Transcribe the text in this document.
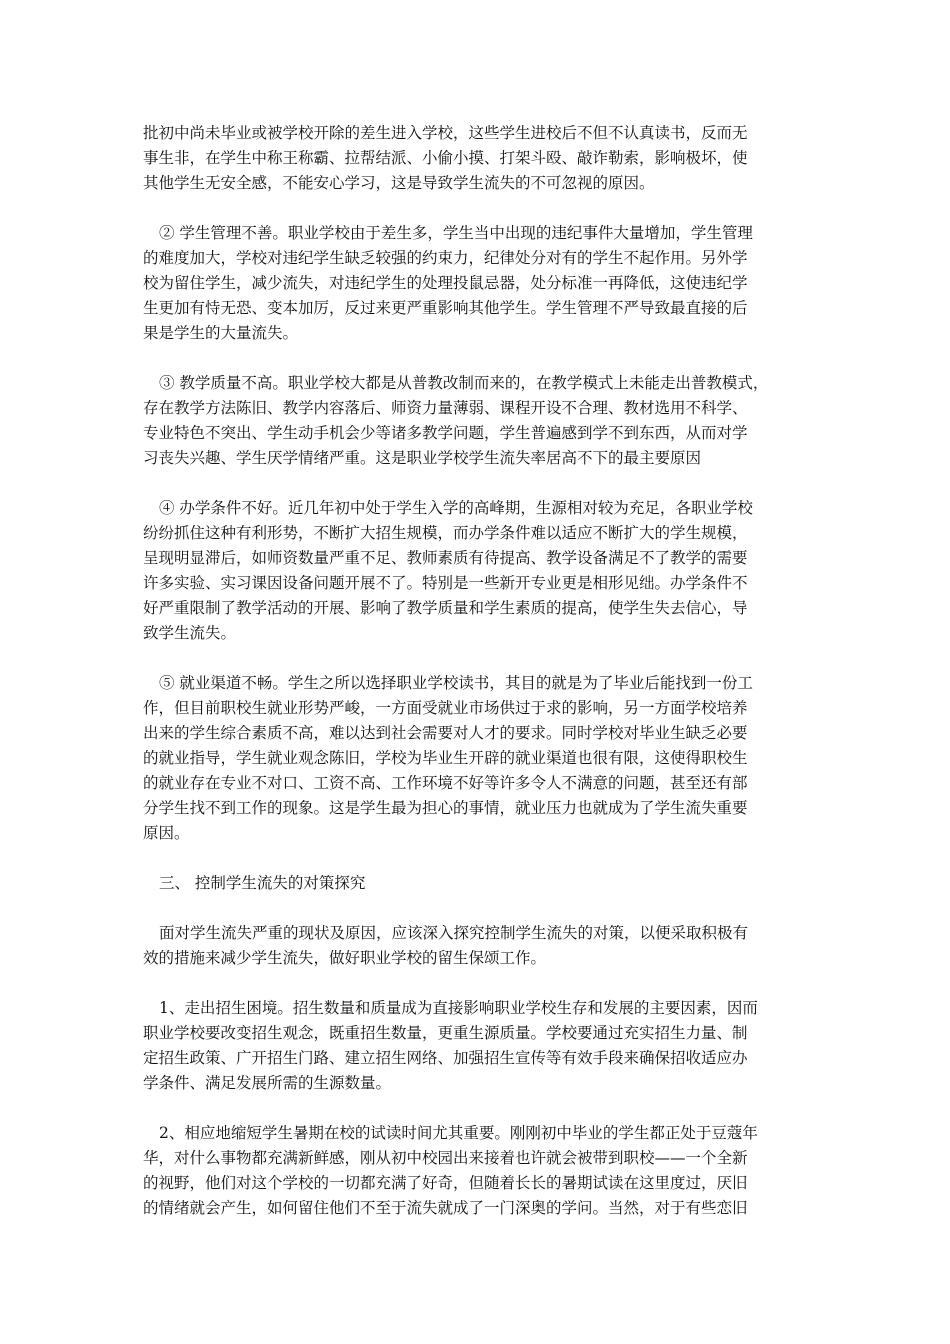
批初中尚未毕业或被学校开除的差生进入学校，这些学生进校后不但不认真读书，反而无
事生非，在学生中称王称霸、拉帮结派、小偷小摸、打架斗殴、敲诈勒索，影响极坏，使
其他学生无安全感，不能安心学习，这是导致学生流失的不可忽视的原因。
② 学生管理不善。职业学校由于差生多，学生当中出现的违纪事件大量增加，学生管理
的难度加大，学校对违纪学生缺乏较强的约束力，纪律处分对有的学生不起作用。另外学
校为留住学生，减少流失，对违纪学生的处理投鼠忌器，处分标准一再降低，这使违纪学
生更加有恃无恐、变本加厉，反过来更严重影响其他学生。学生管理不严导致最直接的后
果是学生的大量流失。
③ 教学质量不高。职业学校大都是从普教改制而来的，在教学模式上未能走出普教模式，
存在教学方法陈旧、教学内容落后、师资力量薄弱、课程开设不合理、教材选用不科学、
专业特色不突出、学生动手机会少等诸多教学问题，学生普遍感到学不到东西，从而对学
习丧失兴趣、学生厌学情绪严重。这是职业学校学生流失率居高不下的最主要原因
④ 办学条件不好。近几年初中处于学生入学的高峰期，生源相对较为充足，各职业学校
纷纷抓住这种有利形势，不断扩大招生规模，而办学条件难以适应不断扩大的学生规模，
呈现明显滞后，如师资数量严重不足、教师素质有待提高、教学设备满足不了教学的需要
许多实验、实习课因设备问题开展不了。特别是一些新开专业更是相形见绌。办学条件不
好严重限制了教学活动的开展、影响了教学质量和学生素质的提高，使学生失去信心，导
致学生流失。
⑤ 就业渠道不畅。学生之所以选择职业学校读书，其目的就是为了毕业后能找到一份工
作，但目前职校生就业形势严峻，一方面受就业市场供过于求的影响，另一方面学校培养
出来的学生综合素质不高，难以达到社会需要对人才的要求。同时学校对毕业生缺乏必要
的就业指导，学生就业观念陈旧，学校为毕业生开辟的就业渠道也很有限，这使得职校生
的就业存在专业不对口、工资不高、工作环境不好等许多令人不满意的问题，甚至还有部
分学生找不到工作的现象。这是学生最为担心的事情，就业压力也就成为了学生流失重要
原因。
三、 控制学生流失的对策探究
面对学生流失严重的现状及原因，应该深入探究控制学生流失的对策，以便采取积极有
效的措施来减少学生流失，做好职业学校的留生保颂工作。
1、走出招生困境。招生数量和质量成为直接影响职业学校生存和发展的主要因素，因而
职业学校要改变招生观念，既重招生数量，更重生源质量。学校要通过充实招生力量、制
定招生政策、广开招生门路、建立招生网络、加强招生宣传等有效手段来确保招收适应办
学条件、满足发展所需的生源数量。
2、相应地缩短学生暑期在校的试读时间尤其重要。刚刚初中毕业的学生都正处于豆蔻年
华，对什么事物都充满新鲜感，刚从初中校园出来接着也许就会被带到职校——一个全新
的视野，他们对这个学校的一切都充满了好奇，但随着长长的暑期试读在这里度过，厌旧
的情绪就会产生，如何留住他们不至于流失就成了一门深奥的学问。当然，对于有些恋旧
